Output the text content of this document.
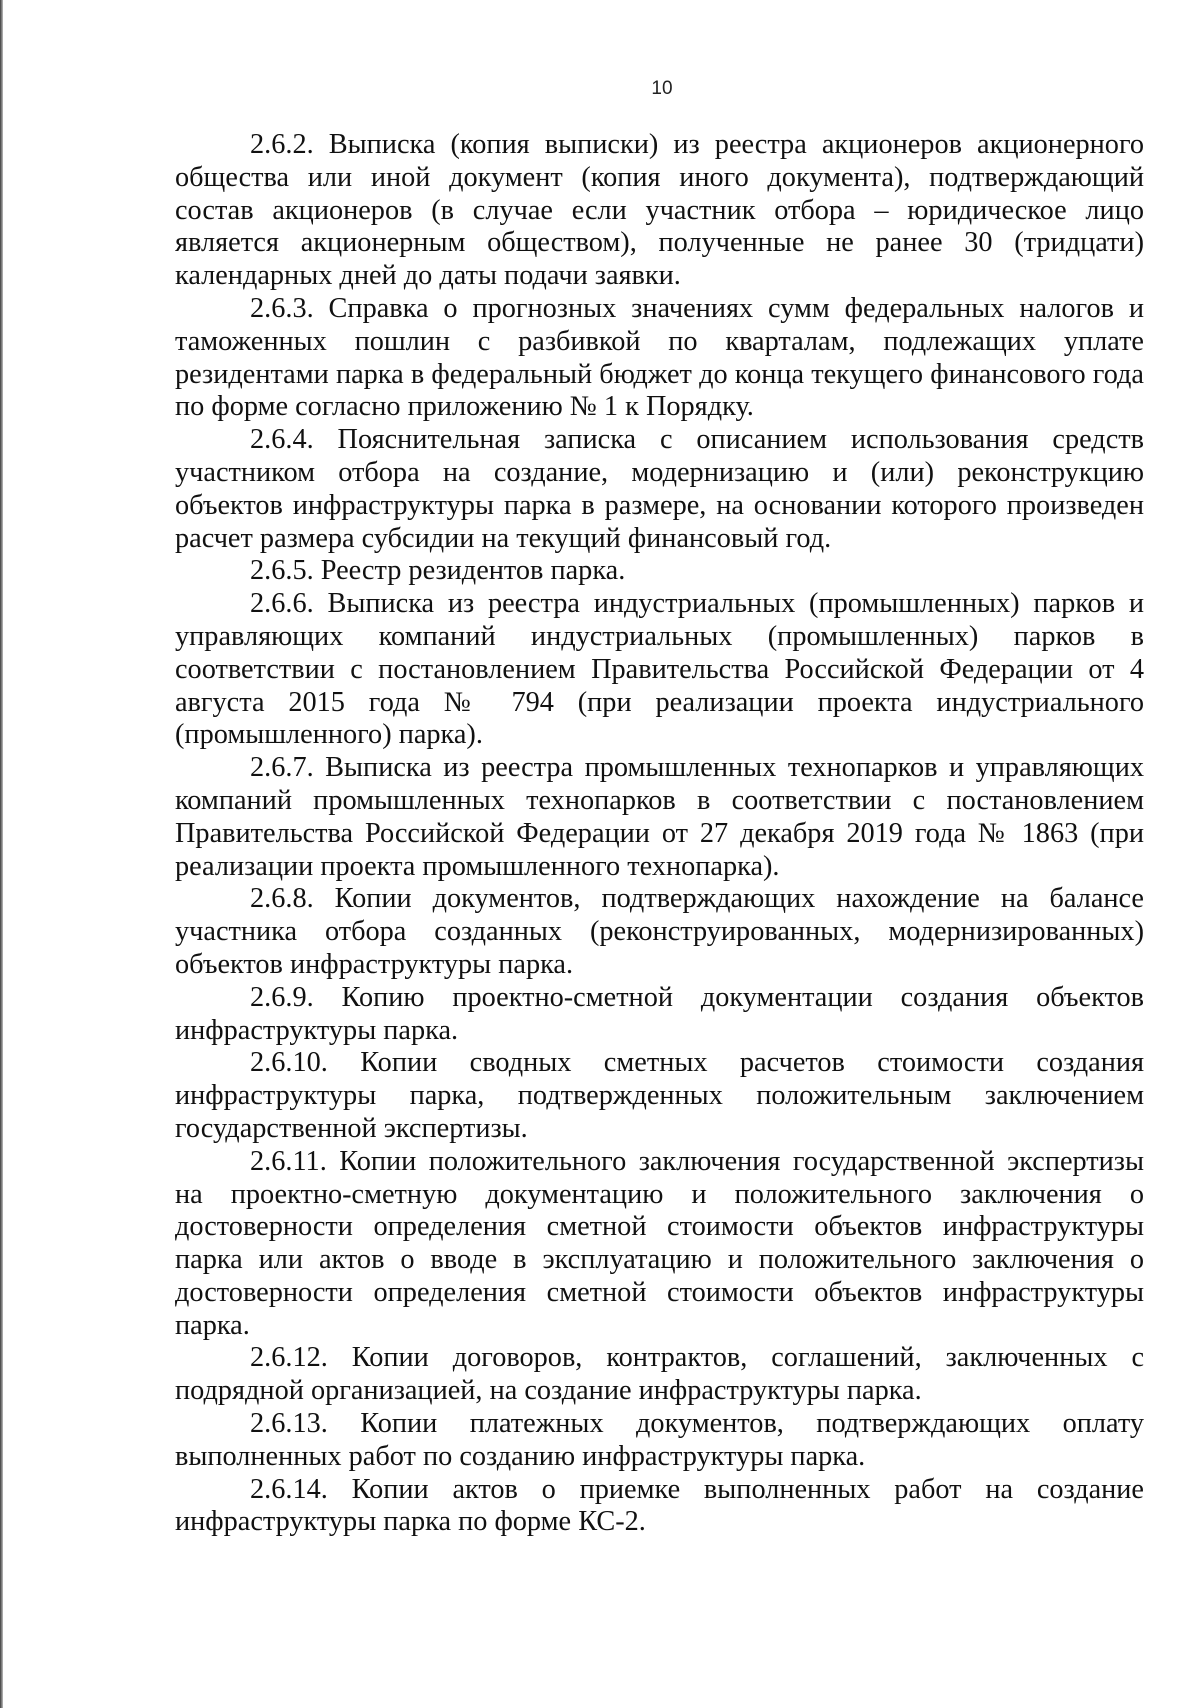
10

2.6.2. Выписка (копия выписки) из реестра акционеров акционерного общества или иной документ (копия иного документа), подтверждающий состав акционеров (в случае если участник отбора – юридическое лицо является акционерным обществом), полученные не ранее 30 (тридцати) календарных дней до даты подачи заявки.

2.6.3. Справка о прогнозных значениях сумм федеральных налогов и таможенных пошлин с разбивкой по кварталам, подлежащих уплате резидентами парка в федеральный бюджет до конца текущего финансового года по форме согласно приложению № 1 к Порядку.

2.6.4. Пояснительная записка с описанием использования средств участником отбора на создание, модернизацию и (или) реконструкцию объектов инфраструктуры парка в размере, на основании которого произведен расчет размера субсидии на текущий финансовый год.

2.6.5. Реестр резидентов парка.

2.6.6. Выписка из реестра индустриальных (промышленных) парков и управляющих компаний индустриальных (промышленных) парков в соответствии с постановлением Правительства Российской Федерации от 4 августа 2015 года № 794 (при реализации проекта индустриального (промышленного) парка).

2.6.7. Выписка из реестра промышленных технопарков и управляющих компаний промышленных технопарков в соответствии с постановлением Правительства Российской Федерации от 27 декабря 2019 года № 1863 (при реализации проекта промышленного технопарка).

2.6.8. Копии документов, подтверждающих нахождение на балансе участника отбора созданных (реконструированных, модернизированных) объектов инфраструктуры парка.

2.6.9. Копию проектно-сметной документации создания объектов инфраструктуры парка.

2.6.10. Копии сводных сметных расчетов стоимости создания инфраструктуры парка, подтвержденных положительным заключением государственной экспертизы.

2.6.11. Копии положительного заключения государственной экспертизы на проектно-сметную документацию и положительного заключения о достоверности определения сметной стоимости объектов инфраструктуры парка или актов о вводе в эксплуатацию и положительного заключения о достоверности определения сметной стоимости объектов инфраструктуры парка.

2.6.12. Копии договоров, контрактов, соглашений, заключенных с подрядной организацией, на создание инфраструктуры парка.

2.6.13. Копии платежных документов, подтверждающих оплату выполненных работ по созданию инфраструктуры парка.

2.6.14. Копии актов о приемке выполненных работ на создание инфраструктуры парка по форме КС-2.
